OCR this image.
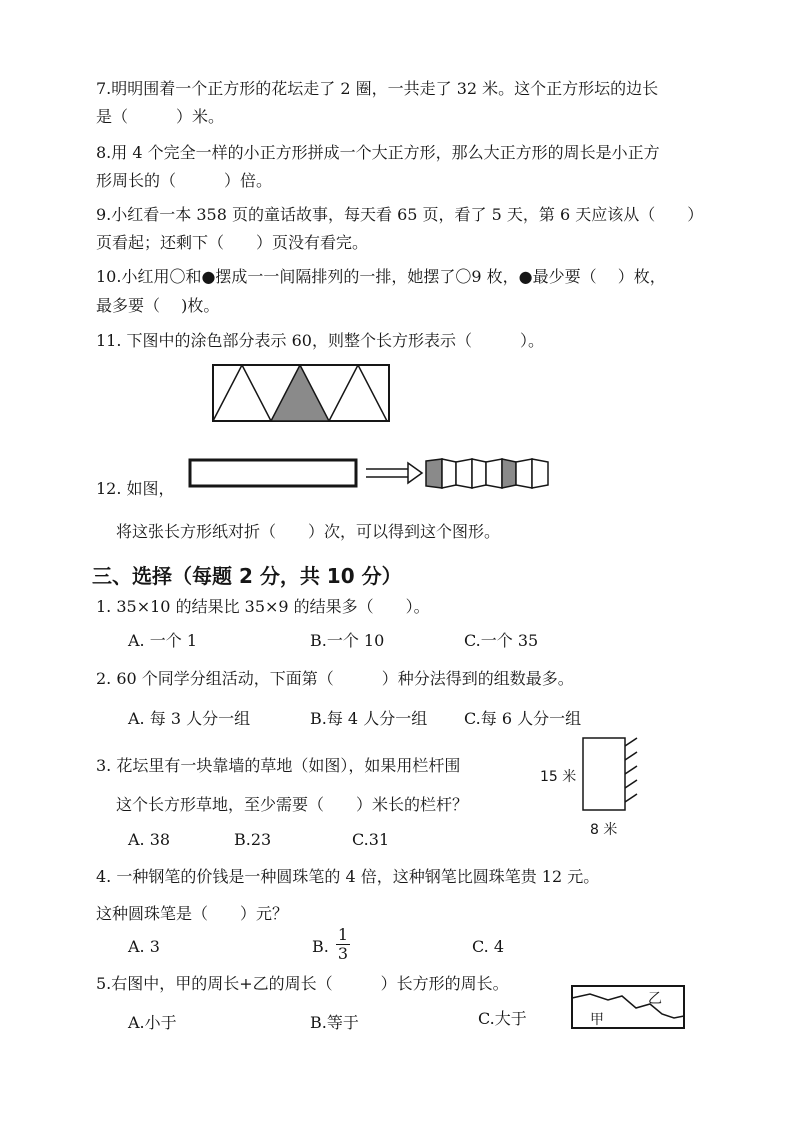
7.明明围着一个正方形的花坛走了 2 圈，一共走了 32 米。这个正方形坛的边长
是（　　　）米。
8.用 4 个完全一样的小正方形拼成一个大正方形，那么大正方形的周长是小正方
形周长的（　　　）倍。
9.小红看一本 358 页的童话故事，每天看 65 页，看了 5 天，第 6 天应该从（　　）
页看起；还剩下（　　）页没有看完。
10.小红用〇和●摆成一一间隔排列的一排，她摆了〇9 枚，●最少要（　 ）枚，
最多要（　 )枚。
11. 下图中的涂色部分表示 60，则整个长方形表示（　　　）。
12. 如图，
将这张长方形纸对折（　　）次，可以得到这个图形。
三、选择（每题 2 分，共 10 分）
1. 35×10 的结果比 35×9 的结果多（　　）。
A. 一个 1	B.一个 10	C.一个 35
2. 60 个同学分组活动，下面第（　　　）种分法得到的组数最多。
A. 每 3 人分一组	B.每 4 人分一组 C.每 6 人分一组
3. 花坛里有一块靠墙的草地（如图），如果用栏杆围
这个长方形草地，至少需要（　　）米长的栏杆？
A. 38	B.23	C.31
15 米
8 米
4. 一种钢笔的价钱是一种圆珠笔的 4 倍，这种钢笔比圆珠笔贵 12 元。
这种圆珠笔是（　　）元？
A. 3	B.
1
3	C. 4
5.右图中，甲的周长+乙的周长（　　　）长方形的周长。
A.小于	B.等于	C.大于	甲
乙
